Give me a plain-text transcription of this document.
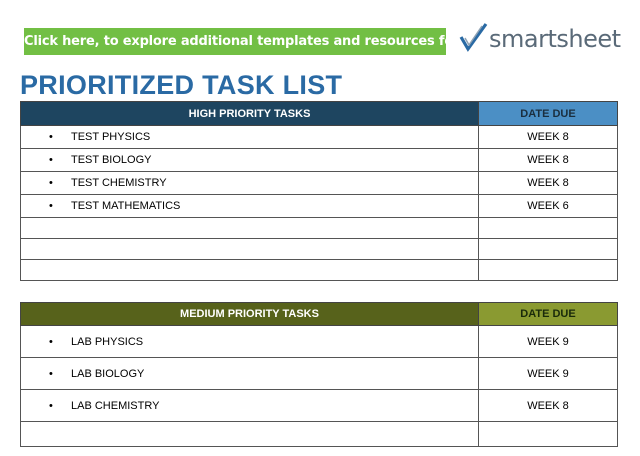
Click here, to explore additional templates and resources for free in
smartsheet
PRIORITIZED TASK LIST
HIGH PRIORITY TASKS	DATE DUE
• TEST PHYSICS	WEEK 8
• TEST BIOLOGY	WEEK 8
• TEST CHEMISTRY	WEEK 8
• TEST MATHEMATICS	WEEK 6

MEDIUM PRIORITY TASKS	DATE DUE
• LAB PHYSICS	WEEK 9
• LAB BIOLOGY	WEEK 9
• LAB CHEMISTRY	WEEK 8
